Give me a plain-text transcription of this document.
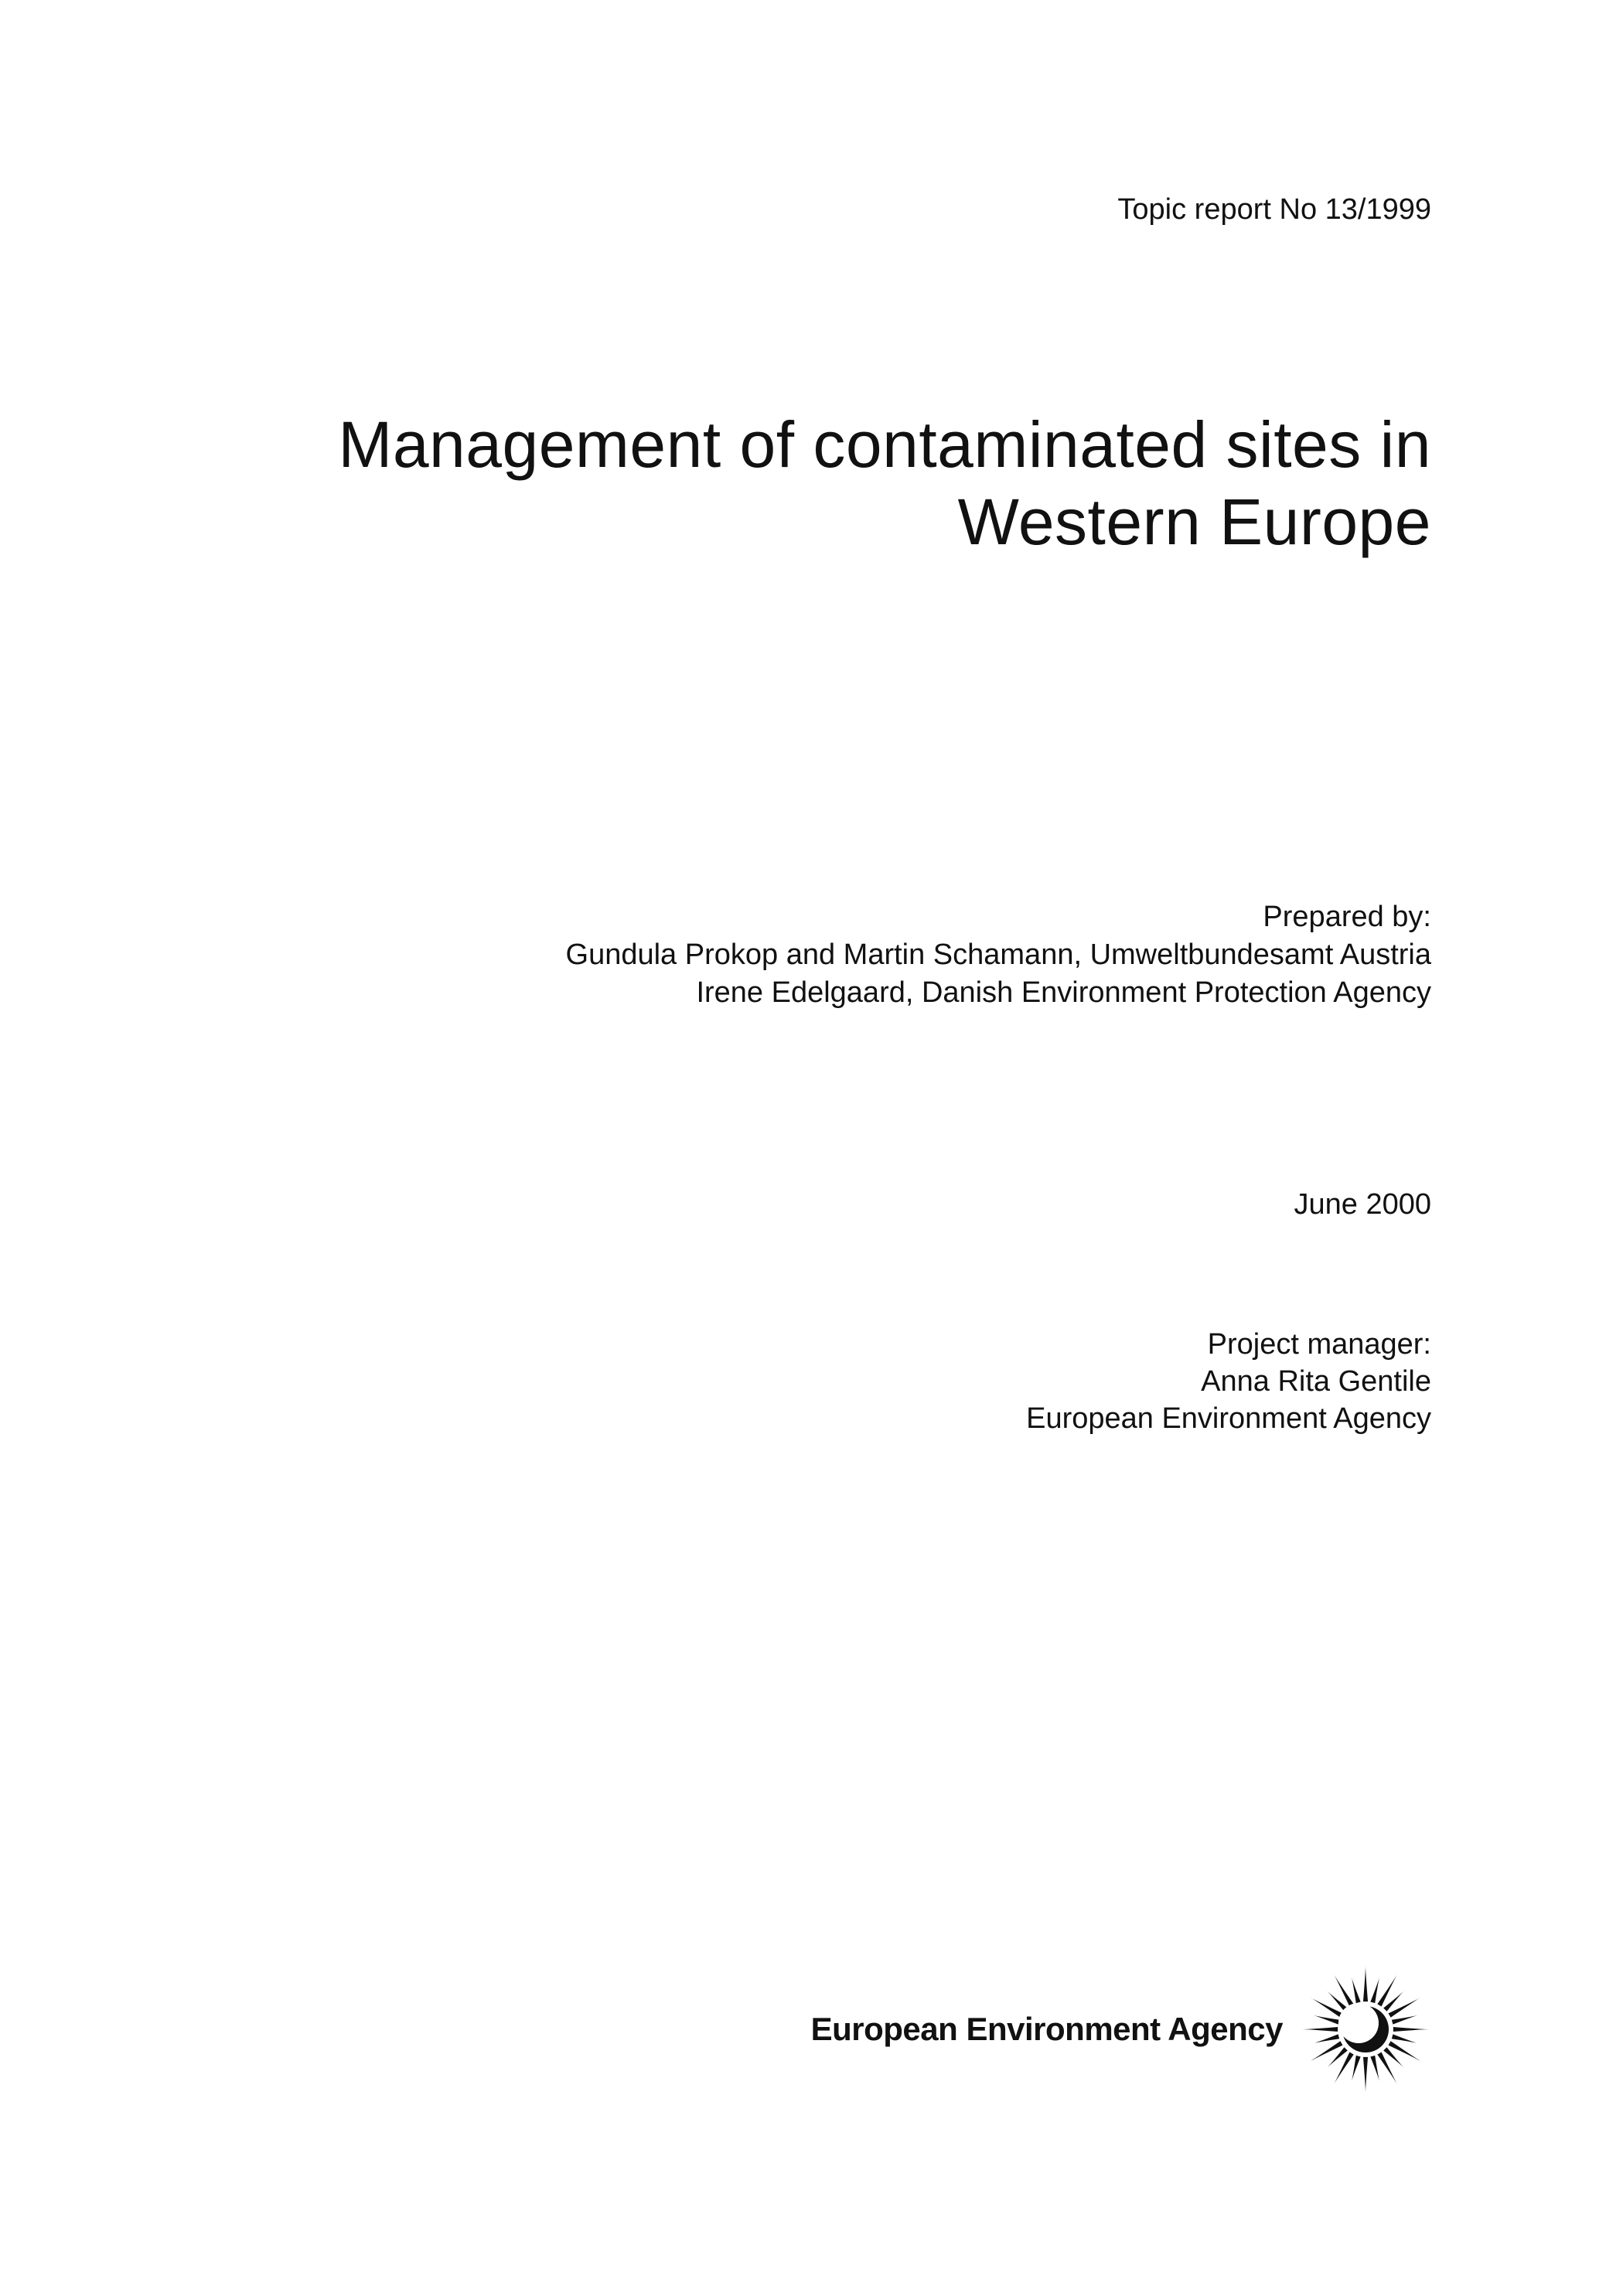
Topic report No 13/1999

Management of contaminated sites in
Western Europe
Prepared by:
Gundula Prokop and Martin Schamann, Umweltbundesamt Austria
Irene Edelgaard, Danish Environment Protection Agency

June 2000

Project manager:
Anna Rita Gentile
European Environment Agency
European Environment Agency
